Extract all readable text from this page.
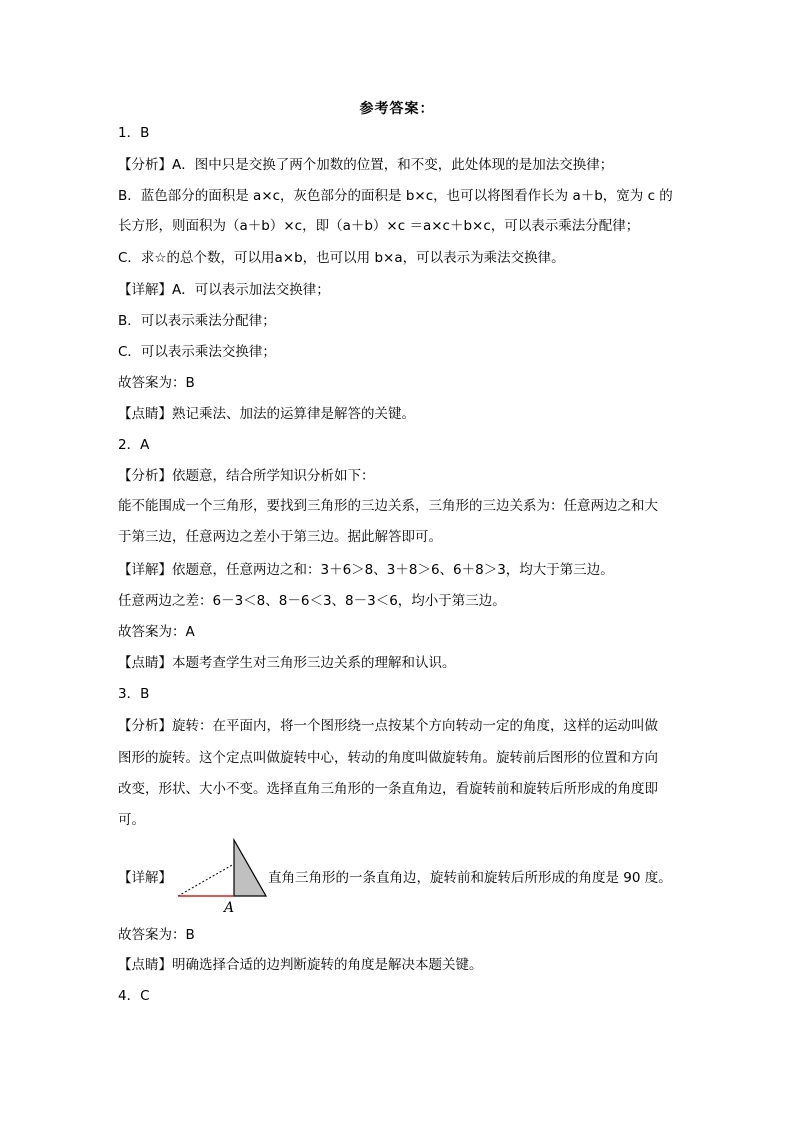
参考答案：
1．B
【分析】A．图中只是交换了两个加数的位置，和不变，此处体现的是加法交换律；
B．蓝色部分的面积是 a×c，灰色部分的面积是 b×c，也可以将图看作长为 a＋b，宽为 c 的
长方形，则面积为（a＋b）×c，即（a＋b）×c ＝a×c＋b×c，可以表示乘法分配律；
C．求☆的总个数，可以用a×b，也可以用 b×a，可以表示为乘法交换律。
【详解】A．可以表示加法交换律；
B．可以表示乘法分配律；
C．可以表示乘法交换律；
故答案为：B
【点睛】熟记乘法、加法的运算律是解答的关键。
2．A
【分析】依题意，结合所学知识分析如下：
能不能围成一个三角形，要找到三角形的三边关系，三角形的三边关系为：任意两边之和大
于第三边，任意两边之差小于第三边。据此解答即可。
【详解】依题意，任意两边之和：3＋6＞8、3＋8＞6、6＋8＞3，均大于第三边。
任意两边之差：6－3＜8、8－6＜3、8－3＜6，均小于第三边。
故答案为：A
【点睛】本题考查学生对三角形三边关系的理解和认识。
3．B
【分析】旋转：在平面内，将一个图形绕一点按某个方向转动一定的角度，这样的运动叫做
图形的旋转。这个定点叫做旋转中心，转动的角度叫做旋转角。旋转前后图形的位置和方向
改变，形状、大小不变。选择直角三角形的一条直角边，看旋转前和旋转后所形成的角度即
可。
【详解】
A
直角三角形的一条直角边，旋转前和旋转后所形成的角度是 90 度。
故答案为：B
【点睛】明确选择合适的边判断旋转的角度是解决本题关键。
4．C
